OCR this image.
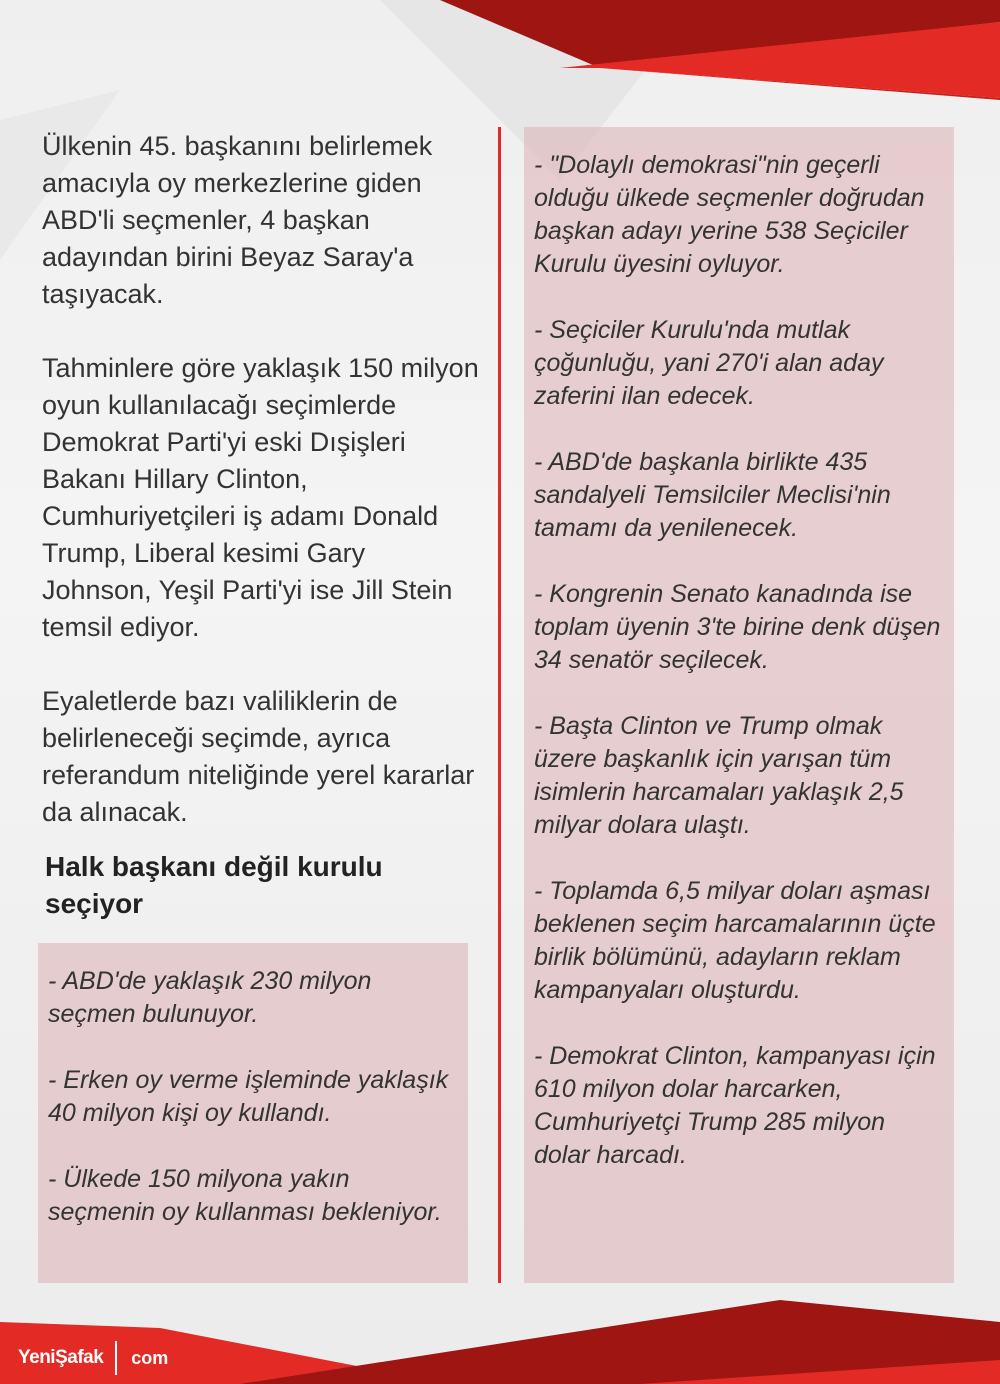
Ülkenin 45. başkanını belirlemek amacıyla oy merkezlerine giden ABD'li seçmenler, 4 başkan adayından birini Beyaz Saray'a taşıyacak.

Tahminlere göre yaklaşık 150 milyon oyun kullanılacağı seçimlerde Demokrat Parti'yi eski Dışişleri Bakanı Hillary Clinton, Cumhuriyetçileri iş adamı Donald Trump, Liberal kesimi Gary Johnson, Yeşil Parti'yi ise Jill Stein temsil ediyor.

Eyaletlerde bazı valiliklerin de belirleneceği seçimde, ayrıca referandum niteliğinde yerel kararlar da alınacak.

Halk başkanı değil kurulu seçiyor

- ABD'de yaklaşık 230 milyon seçmen bulunuyor.

- Erken oy verme işleminde yaklaşık 40 milyon kişi oy kullandı.

- Ülkede 150 milyona yakın seçmenin oy kullanması bekleniyor.

- "Dolaylı demokrasi"nin geçerli olduğu ülkede seçmenler doğrudan başkan adayı yerine 538 Seçiciler Kurulu üyesini oyluyor.

- Seçiciler Kurulu'nda mutlak çoğunluğu, yani 270'i alan aday zaferini ilan edecek.

- ABD'de başkanla birlikte 435 sandalyeli Temsilciler Meclisi'nin tamamı da yenilenecek.

- Kongrenin Senato kanadında ise toplam üyenin 3'te birine denk düşen 34 senatör seçilecek.

- Başta Clinton ve Trump olmak üzere başkanlık için yarışan tüm isimlerin harcamaları yaklaşık 2,5 milyar dolara ulaştı.

- Toplamda 6,5 milyar doları aşması beklenen seçim harcamalarının üçte birlik bölümünü, adayların reklam kampanyaları oluşturdu.

- Demokrat Clinton, kampanyası için 610 milyon dolar harcarken, Cumhuriyetçi Trump 285 milyon dolar harcadı.

YeniŞafak com
